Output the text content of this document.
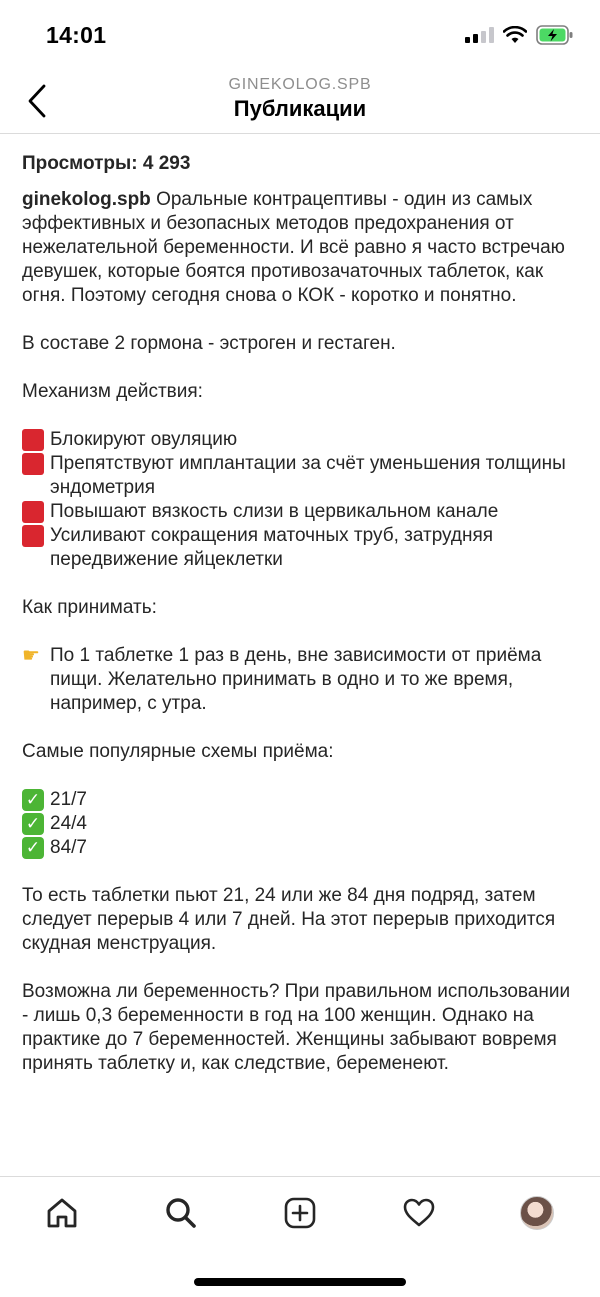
14:01
GINEKOLOG.SPB
Публикации
Просмотры: 4 293

ginekolog.spb Оральные контрацептивы - один из самых эффективных и безопасных методов предохранения от нежелательной беременности. И всё равно я часто встречаю девушек, которые боятся противозачаточных таблеток, как огня. Поэтому сегодня снова о КОК - коротко и понятно.

В составе 2 гормона - эстроген и гестаген.

Механизм действия:

Блокируют овуляцию
Препятствуют имплантации за счёт уменьшения толщины эндометрия
Повышают вязкость слизи в цервикальном канале
Усиливают сокращения маточных труб, затрудняя передвижение яйцеклетки

Как принимать:

☛ По 1 таблетке 1 раз в день, вне зависимости от приёма пищи. Желательно принимать в одно и то же время, например, с утра.

Самые популярные схемы приёма:

✓ 21/7
✓ 24/4
✓ 84/7

То есть таблетки пьют 21, 24 или же 84 дня подряд, затем следует перерыв 4 или 7 дней. На этот перерыв приходится скудная менструация.

Возможна ли беременность? При правильном использовании - лишь 0,3 беременности в год на 100 женщин. Однако на практике до 7 беременностей. Женщины забывают вовремя принять таблетку и, как следствие, беременеют.
